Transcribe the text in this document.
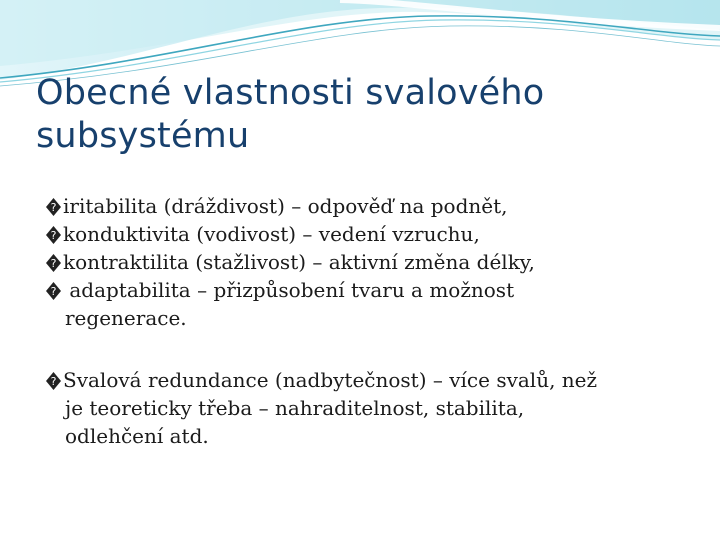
Obecné vlastnosti svalového subsystému

? iritabilita (dráždivost) – odpověď na podnět,

? konduktivita (vodivost) – vedení vzruchu,

? kontraktilita (stažlivost) – aktivní změna délky,

? adaptabilita – přizpůsobení tvaru a možnost
regenerace.

? Svalová redundance (nadbytečnost) – více svalů, než
je teoreticky třeba – nahraditelnost, stabilita,
odlehčení atd.
